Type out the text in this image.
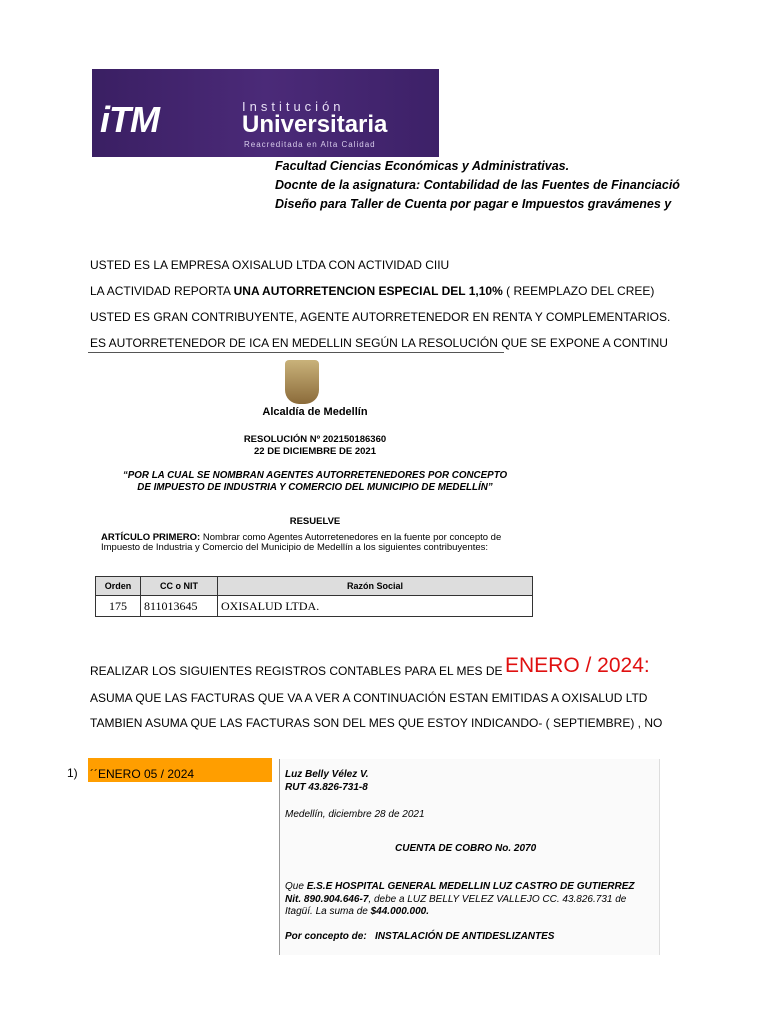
iTM	Institución
Universitaria
Reacreditada en Alta Calidad
Facultad Ciencias Económicas y Administrativas.
Docnte de la asignatura: Contabilidad de las Fuentes de Financiació
Diseño para Taller de Cuenta por pagar e Impuestos gravámenes y
USTED ES LA EMPRESA OXISALUD LTDA CON ACTIVIDAD CIIU
LA ACTIVIDAD REPORTA UNA AUTORRETENCION ESPECIAL DEL 1,10% ( REEMPLAZO DEL CREE)
USTED ES GRAN CONTRIBUYENTE, AGENTE AUTORRETENEDOR EN RENTA Y COMPLEMENTARIOS.
ES AUTORRETENEDOR DE ICA EN MEDELLIN SEGÚN LA RESOLUCIÓN QUE SE EXPONE A CONTINU
Alcaldía de Medellín
RESOLUCIÓN Nº 202150186360
22 DE DICIEMBRE DE 2021
“POR LA CUAL SE NOMBRAN AGENTES AUTORRETENEDORES POR CONCEPTO DE IMPUESTO DE INDUSTRIA Y COMERCIO DEL MUNICIPIO DE MEDELLÍN”
RESUELVE
ARTÍCULO PRIMERO: Nombrar como Agentes Autorretenedores en la fuente por concepto de Impuesto de Industria y Comercio del Municipio de Medellín a los siguientes contribuyentes:
Orden	CC o NIT	Razón Social
175	811013645	OXISALUD LTDA.
REALIZAR LOS SIGUIENTES REGISTROS CONTABLES PARA EL MES DE ENERO / 2024:
ASUMA QUE LAS FACTURAS QUE VA A VER A CONTINUACIÓN ESTAN EMITIDAS A OXISALUD LTD
TAMBIEN ASUMA QUE LAS FACTURAS SON DEL MES QUE ESTOY INDICANDO- ( SEPTIEMBRE) , NO
1) ´´ENERO 05 / 2024	Luz Belly Vélez V.
RUT 43.826-731-8
Medellín, diciembre 28 de 2021
CUENTA DE COBRO No. 2070
Que E.S.E HOSPITAL GENERAL MEDELLIN LUZ CASTRO DE GUTIERREZ
Nit. 890.904.646-7, debe a LUZ BELLY VELEZ VALLEJO CC. 43.826.731 de
Itagüí. La suma de $44.000.000.
Por concepto de: INSTALACIÓN DE ANTIDESLIZANTES
